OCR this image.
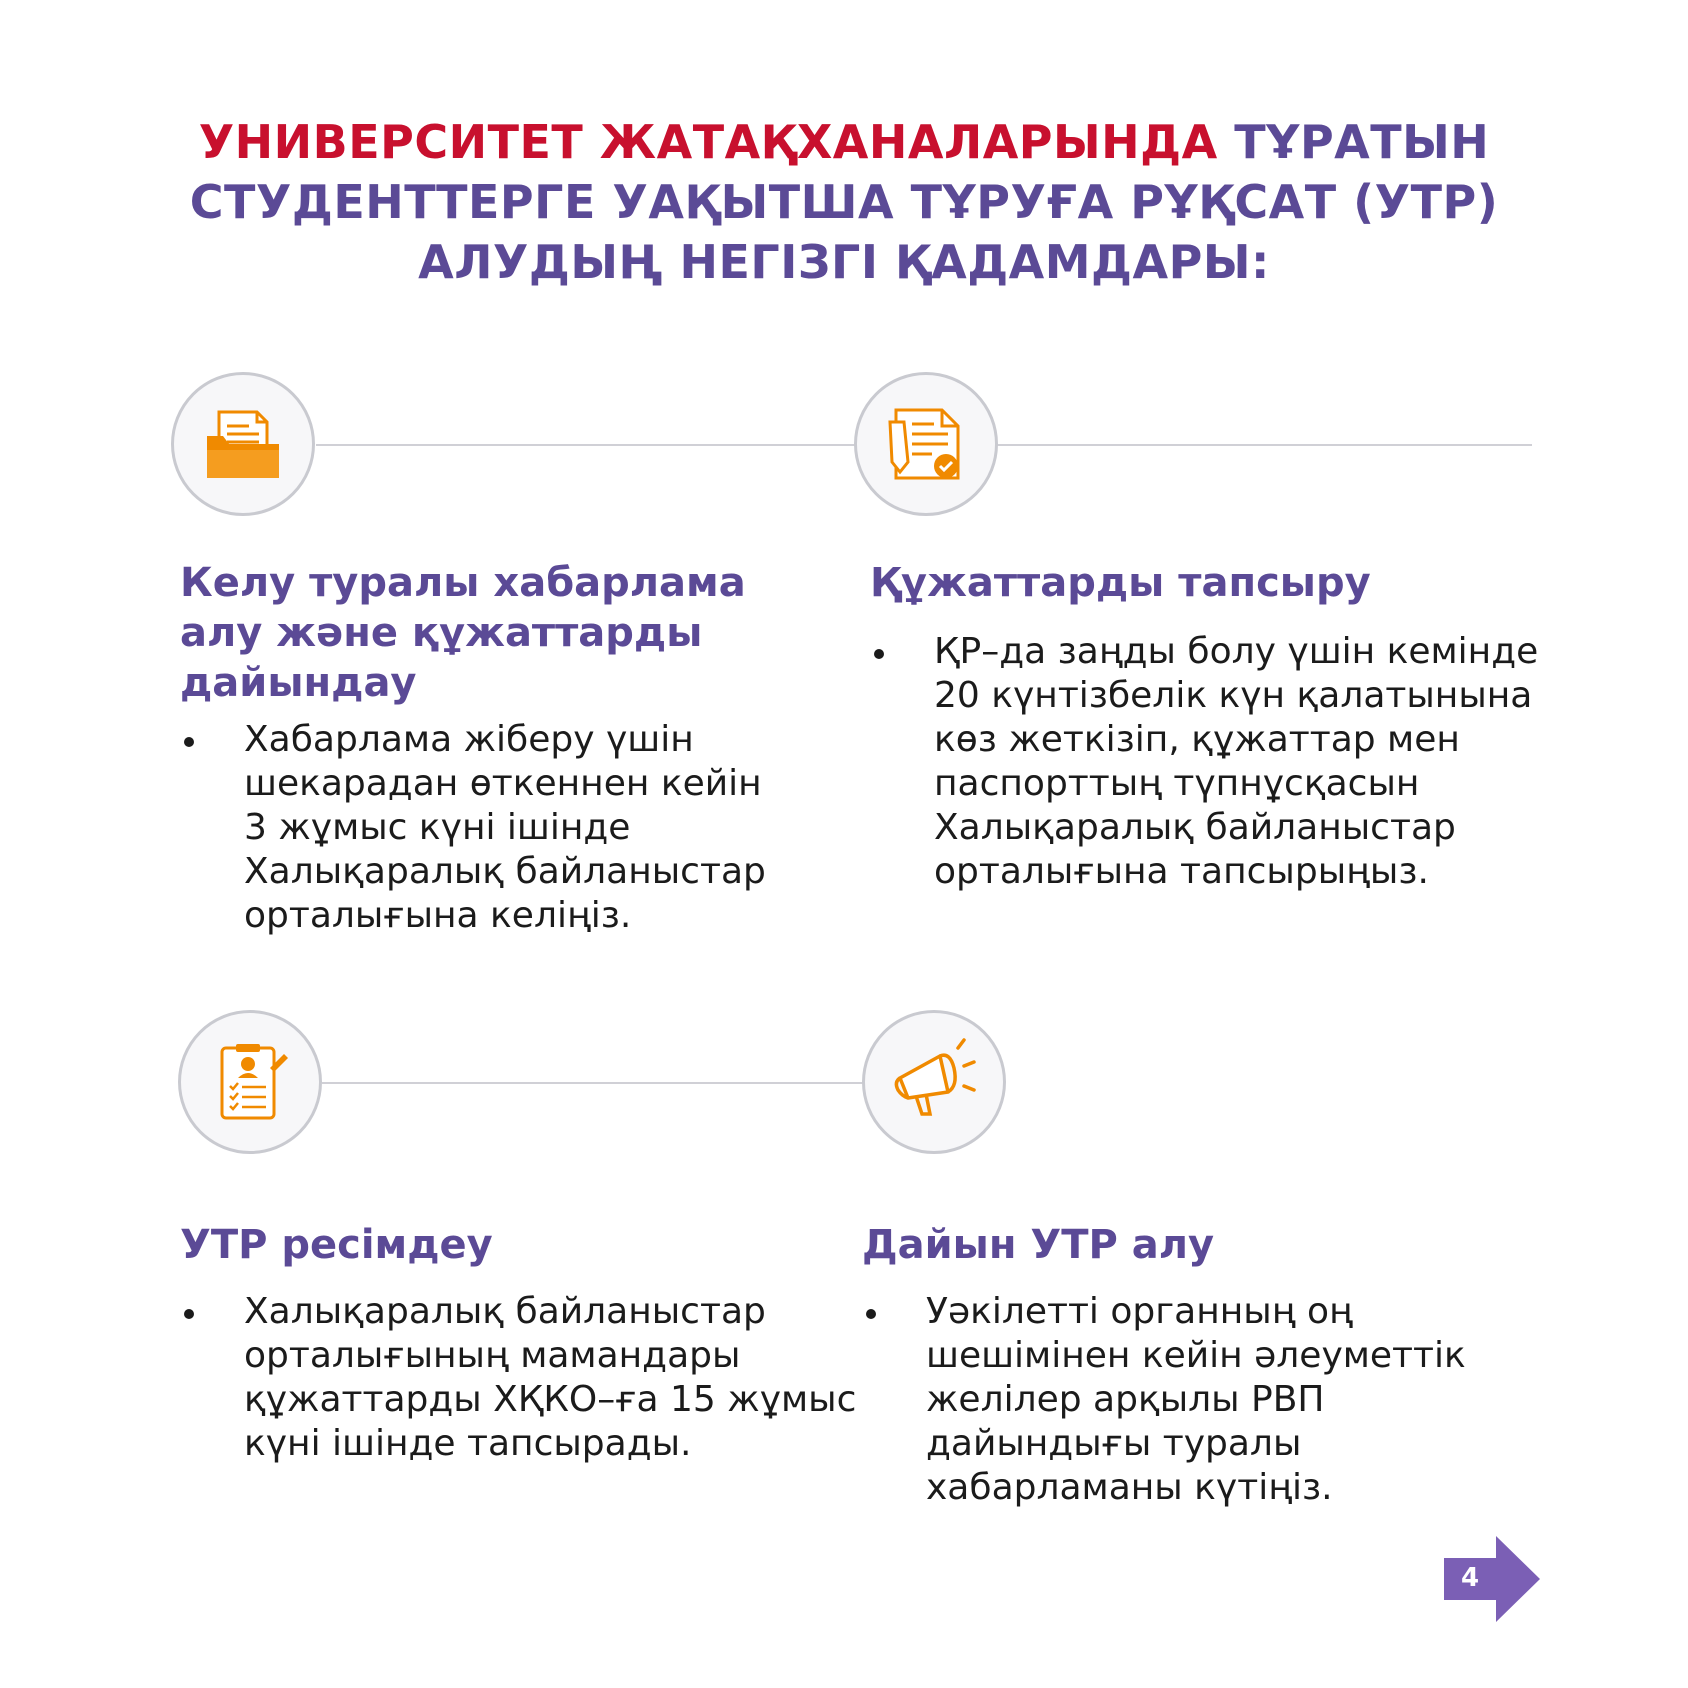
УНИВЕРСИТЕТ ЖАТАҚХАНАЛАРЫНДА ТҰРАТЫН
СТУДЕНТТЕРГЕ УАҚЫТША ТҰРУҒА РҰҚСАТ (УТР)
АЛУДЫҢ НЕГІЗГІ ҚАДАМДАРЫ:
Келу туралы хабарлама
алу және құжаттарды
дайындау
Хабарлама жіберу үшін
шекарадан өткеннен кейін
3 жұмыс күні ішінде
Халықаралық байланыстар
орталығына келіңіз.
Құжаттарды тапсыру
ҚР–да заңды болу үшін кемінде
20 күнтізбелік күн қалатынына
көз жеткізіп, құжаттар мен
паспорттың түпнұсқасын
Халықаралық байланыстар
орталығына тапсырыңыз.
УТР ресімдеу
Халықаралық байланыстар
орталығының мамандары
құжаттарды ХҚКО–ға 15 жұмыс
күні ішінде тапсырады.
Дайын УТР алу
Уәкілетті органның оң
шешімінен кейін әлеуметтік
желілер арқылы РВП
дайындығы туралы
хабарламаны күтіңіз.
4
